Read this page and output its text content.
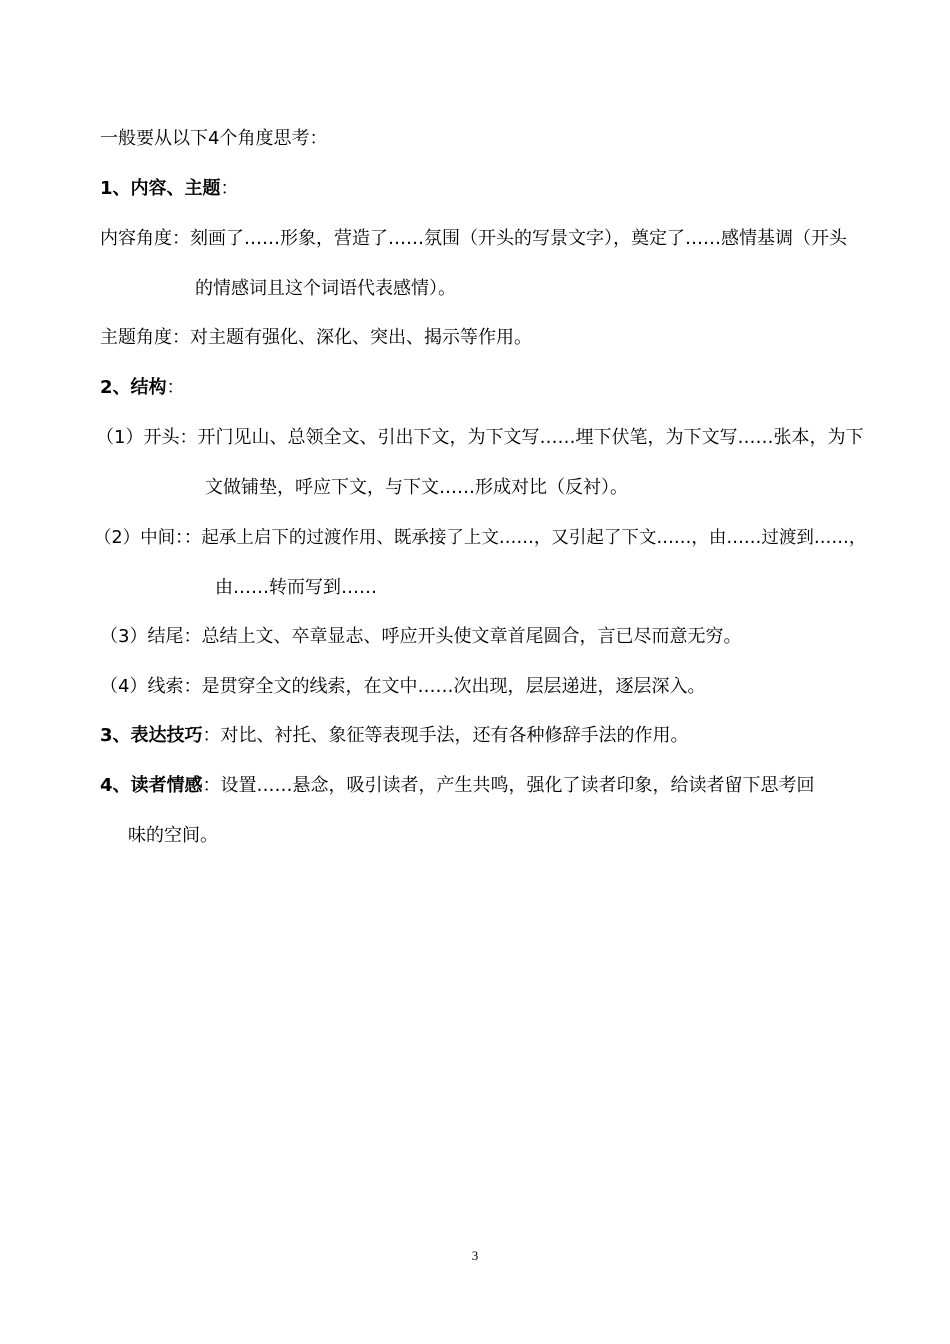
一般要从以下4个角度思考：
1、内容、主题：
内容角度：刻画了……形象，营造了……氛围（开头的写景文字），奠定了……感情基调（开头
的情感词且这个词语代表感情）。
主题角度：对主题有强化、深化、突出、揭示等作用。
2、结构：
（1）开头：开门见山、总领全文、引出下文，为下文写……埋下伏笔，为下文写……张本，为下
文做铺垫，呼应下文，与下文……形成对比（反衬）。
（2）中间：：起承上启下的过渡作用、既承接了上文……，又引起了下文……，由……过渡到……，
由……转而写到……
（3）结尾：总结上文、卒章显志、呼应开头使文章首尾圆合，言已尽而意无穷。
（4）线索：是贯穿全文的线索，在文中……次出现，层层递进，逐层深入。
3、表达技巧：对比、衬托、象征等表现手法，还有各种修辞手法的作用。
4、读者情感：设置……悬念，吸引读者，产生共鸣，强化了读者印象，给读者留下思考回
味的空间。
3
